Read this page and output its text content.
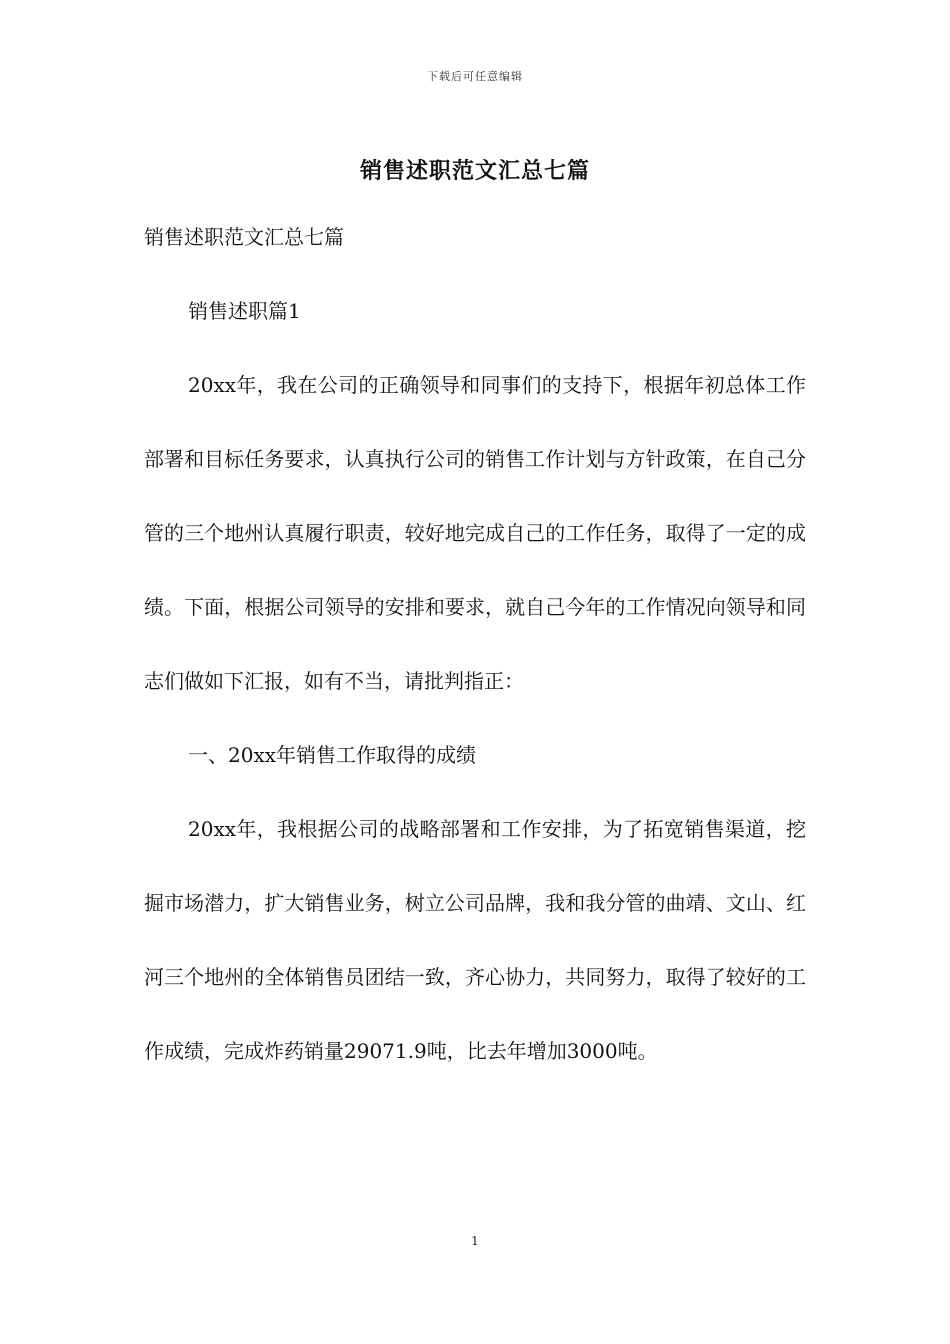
下载后可任意编辑
销售述职范文汇总七篇

销售述职范文汇总七篇

销售述职篇1

20xx年，我在公司的正确领导和同事们的支持下，根据年初总体工作部署和目标任务要求，认真执行公司的销售工作计划与方针政策，在自己分管的三个地州认真履行职责，较好地完成自己的工作任务，取得了一定的成绩。下面，根据公司领导的安排和要求，就自己今年的工作情况向领导和同志们做如下汇报，如有不当，请批判指正：

一、20xx年销售工作取得的成绩

20xx年，我根据公司的战略部署和工作安排，为了拓宽销售渠道，挖掘市场潜力，扩大销售业务，树立公司品牌，我和我分管的曲靖、文山、红河三个地州的全体销售员团结一致，齐心协力，共同努力，取得了较好的工作成绩，完成炸药销量29071.9吨，比去年增加3000吨。

1
